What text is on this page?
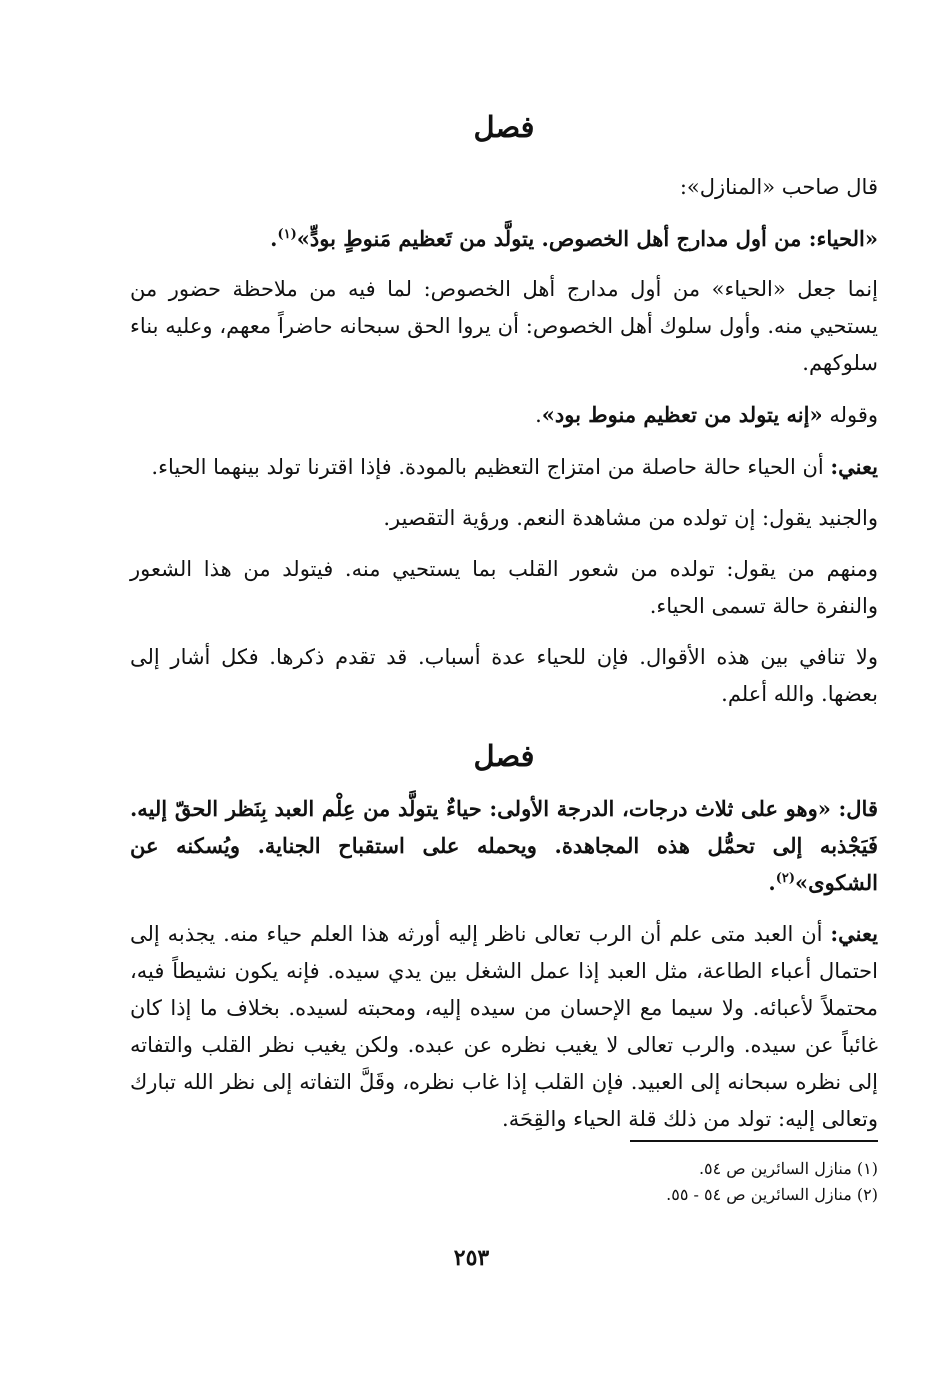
فصل

قال صاحب «المنازل»:

«الحياء: من أول مدارج أهل الخصوص. يتولَّد من تَعظيم مَنوطٍ بودٍّ»$^{(١)}$.

إنما جعل «الحياء» من أول مدارج أهل الخصوص: لما فيه من ملاحظة حضور من يستحيي منه. وأول سلوك أهل الخصوص: أن يروا الحق سبحانه حاضراً معهم، وعليه بناء سلوكهم.

وقوله «إنه يتولد من تعظيم منوط بود».

يعني: أن الحياء حالة حاصلة من امتزاج التعظيم بالمودة. فإذا اقترنا تولد بينهما الحياء.

والجنيد يقول: إن تولده من مشاهدة النعم. ورؤية التقصير.

ومنهم من يقول: تولده من شعور القلب بما يستحيي منه. فيتولد من هذا الشعور والنفرة حالة تسمى الحياء.

ولا تنافي بين هذه الأقوال. فإن للحياء عدة أسباب. قد تقدم ذكرها. فكل أشار إلى بعضها. والله أعلم.

فصل

قال: «وهو على ثلاث درجات، الدرجة الأولى: حياءٌ يتولَّد من عِلْم العبد بِنَظر الحقّ إليه. فَيَجْذبه إلى تحمُّل هذه المجاهدة. ويحمله على استقباح الجناية. ويُسكنه عن الشكوى»$^{(٢)}$.

يعني: أن العبد متى علم أن الرب تعالى ناظر إليه أورثه هذا العلم حياء منه. يجذبه إلى احتمال أعباء الطاعة، مثل العبد إذا عمل الشغل بين يدي سيده. فإنه يكون نشيطاً فيه، محتملاً لأعبائه. ولا سيما مع الإحسان من سيده إليه، ومحبته لسيده. بخلاف ما إذا كان غائباً عن سيده. والرب تعالى لا يغيب نظره عن عبده. ولكن يغيب نظر القلب والتفاته إلى نظره سبحانه إلى العبيد. فإن القلب إذا غاب نظره، وقَلَّ التفاته إلى نظر الله تبارك وتعالى إليه: تولد من ذلك قلة الحياء والقِحَة.

(١) منازل السائرين ص ٥٤.

(٢) منازل السائرين ص ٥٤ - ٥٥.

٢٥٣
